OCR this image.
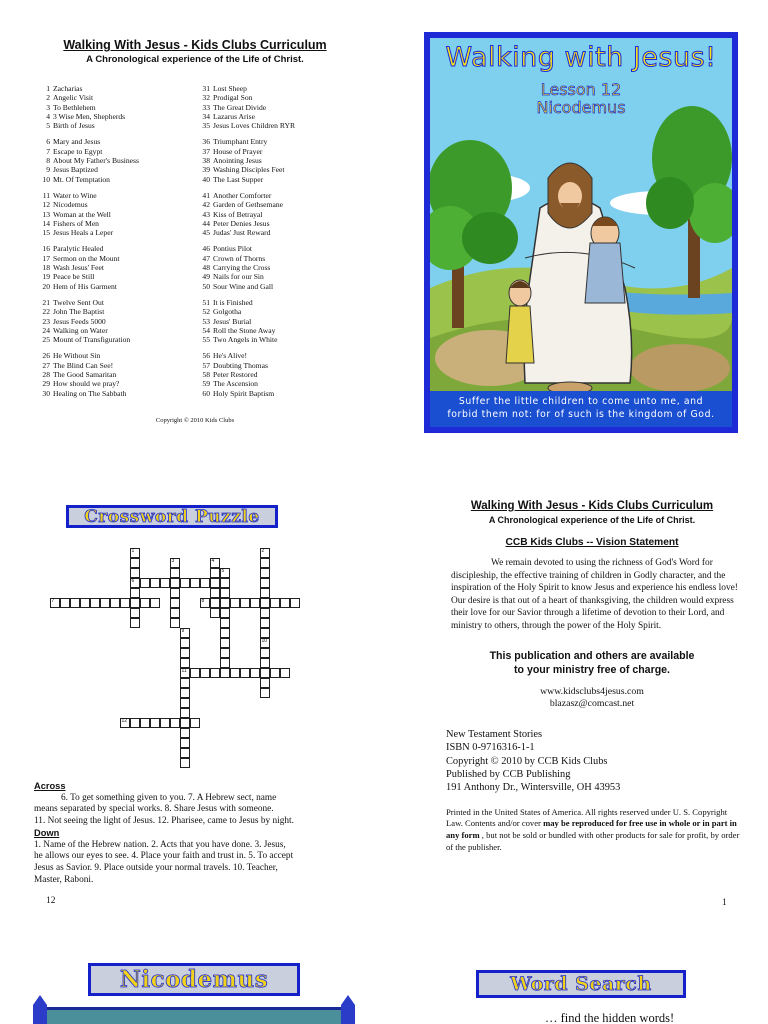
Walking With Jesus - Kids Clubs Curriculum
A Chronological experience of the Life of Christ.
1 Zacharias
2 Angelic Visit
3 To Bethlehem
4 3 Wise Men, Shepherds
5 Birth of Jesus
6 Mary and Jesus
7 Escape to Egypt
8 About My Father's Business
9 Jesus Baptized
10 Mt. Of Temptation
11 Water to Wine
12 Nicodemus
13 Woman at the Well
14 Fishers of Men
15 Jesus Heals a Leper
16 Paralytic Healed
17 Sermon on the Mount
18 Wash Jesus' Feet
19 Peace be Still
20 Hem of His Garment
21 Twelve Sent Out
22 John The Baptist
23 Jesus Feeds 5000
24 Walking on Water
25 Mount of Transfiguration
26 He Without Sin
27 The Blind Can See!
28 The Good Samaritan
29 How should we pray?
30 Healing on The Sabbath
31 Lost Sheep
32 Prodigal Son
33 The Great Divide
34 Lazarus Arise
35 Jesus Loves Children RYR
36 Triumphant Entry
37 House of Prayer
38 Anointing Jesus
39 Washing Disciples Feet
40 The Last Supper
41 Another Comforter
42 Garden of Gethsemane
43 Kiss of Betrayal
44 Peter Denies Jesus
45 Judas' Just Reward
46 Pontius Pilot
47 Crown of Thorns
48 Carrying the Cross
49 Nails for our Sin
50 Sour Wine and Gall
51 It is Finished
52 Golgotha
53 Jesus' Burial
54 Roll the Stone Away
55 Two Angels in White
56 He's Alive!
57 Doubting Thomas
58 Peter Restored
59 The Ascension
60 Holy Spirit Baptism
Copyright © 2010 Kids Clubs
Walking with Jesus!
Lesson 12
Nicodemus
Suffer the little children to come unto me, and
forbid them not: for of such is the kingdom of God.
Crossword Puzzle
1	2
3	4
5
6
7	8
9
10
11
12
Across
6. To get something given to you. 7. A Hebrew sect, name
means separated by special works. 8. Share Jesus with someone.
11. Not seeing the light of Jesus. 12. Pharisee, came to Jesus by night.
Down
1. Name of the Hebrew nation. 2. Acts that you have done. 3. Jesus,
he allows our eyes to see. 4. Place your faith and trust in. 5. To accept
Jesus as Savior. 9. Place outside your normal travels. 10. Teacher,
Master, Raboni.
12
Walking With Jesus - Kids Clubs Curriculum
A Chronological experience of the Life of Christ.
CCB Kids Clubs -- Vision Statement
We remain devoted to using the richness of God's Word for discipleship, the effective training of children in Godly character, and the inspiration of the Holy Spirit to know Jesus and experience his endless love! Our desire is that out of a heart of thanksgiving, the children would express their love for our Savior through a lifetime of devotion to their Lord, and ministry to others, through the power of the Holy Spirit.
This publication and others are available
to your ministry free of charge.
www.kidsclubs4jesus.com
blazasz@comcast.net
New Testament Stories
ISBN 0-9716316-1-1
Copyright © 2010 by CCB Kids Clubs
Published by CCB Publishing
191 Anthony Dr., Wintersville, OH 43953
Printed in the United States of America. All rights reserved under U. S. Copyright Law. Contents and/or cover may be reproduced for free use in whole or in part in any form , but not be sold or bundled with other products for sale for profit, by order of the publisher.
1
Nicodemus	Word Search
… find the hidden words!
